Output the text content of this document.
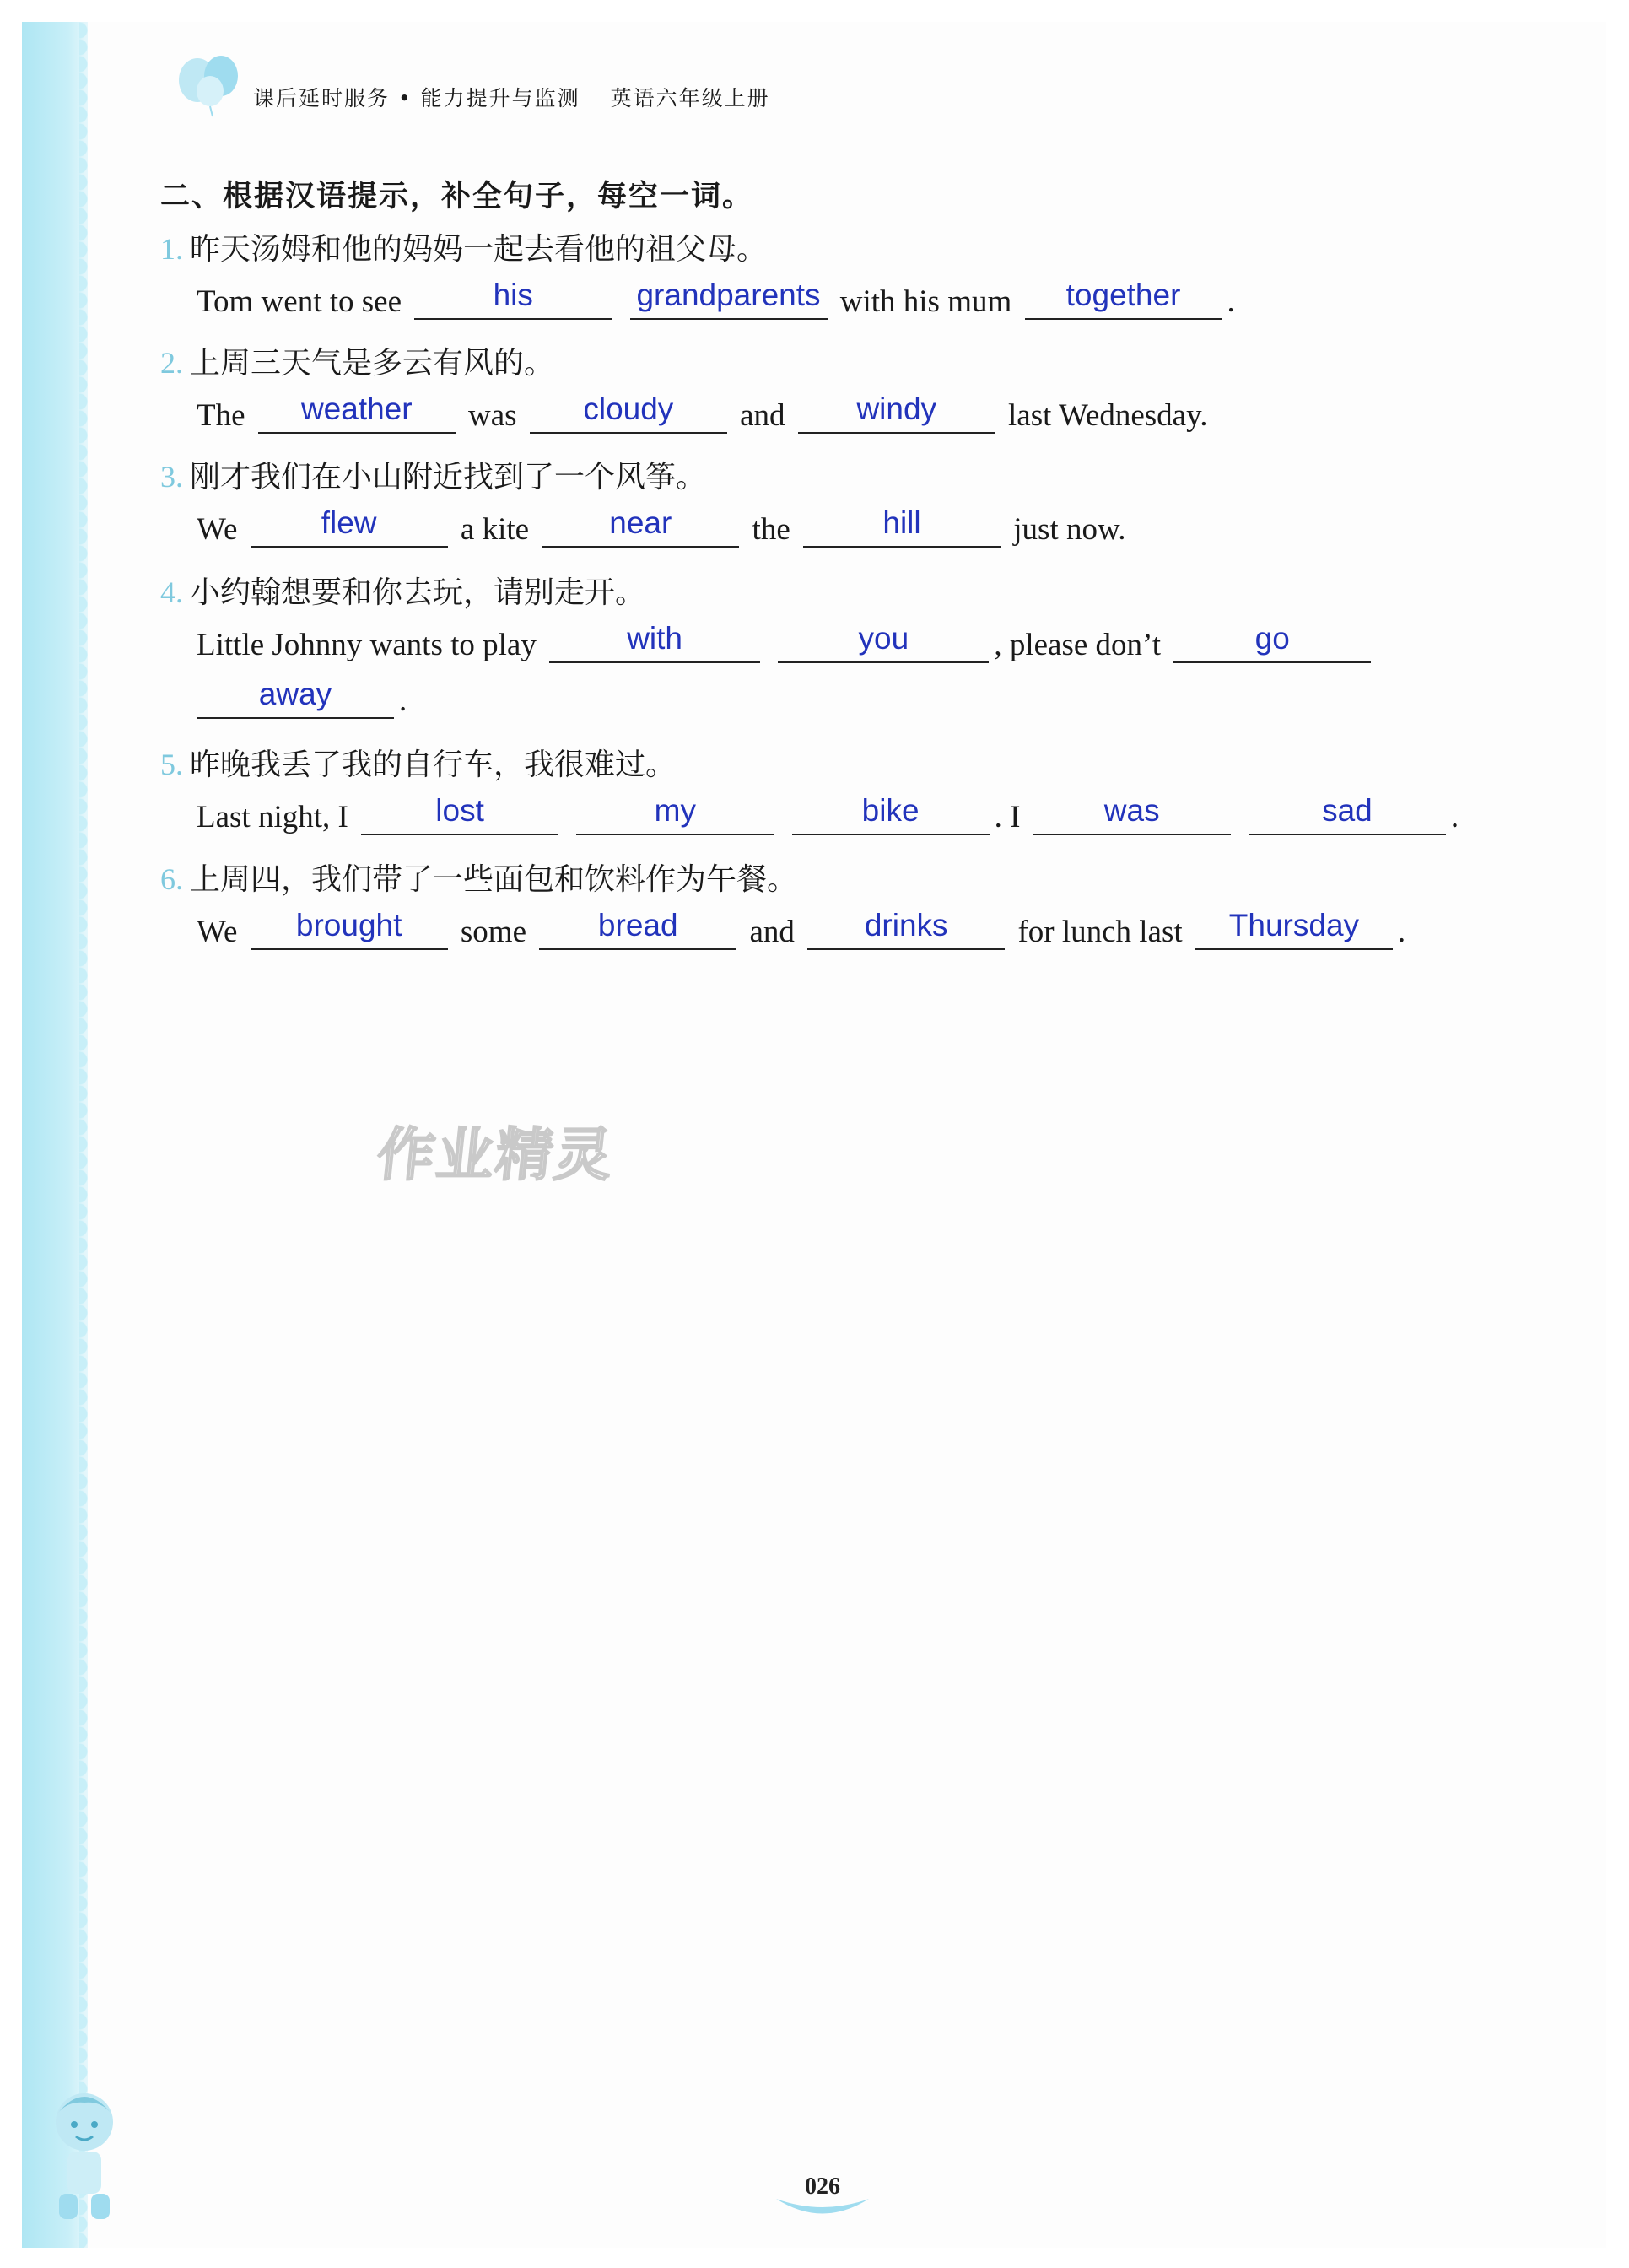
课后延时服务 • 能力提升与监测 英语六年级上册
二、根据汉语提示，补全句子，每空一词。
1. 昨天汤姆和他的妈妈一起去看他的祖父母。
Tom went to see	his
	grandparents with his mum	together	.
2. 上周三天气是多云有风的。
The	weather	was	cloudy	and	windy	last Wednesday.
3. 刚才我们在小山附近找到了一个风筝。
We	flew	a kite	near	the	hill	just now.
4. 小约翰想要和你去玩，请别走开。
Little Johnny wants to play	with
	you	, please don’t	go
away	.
5. 昨晚我丢了我的自行车，我很难过。
Last night, I	lost
	my
	bike	. I	was
	sad	.
6. 上周四，我们带了一些面包和饮料作为午餐。
We	brought	some	bread	and	drinks	for lunch last	Thursday	.
作业精灵
026
